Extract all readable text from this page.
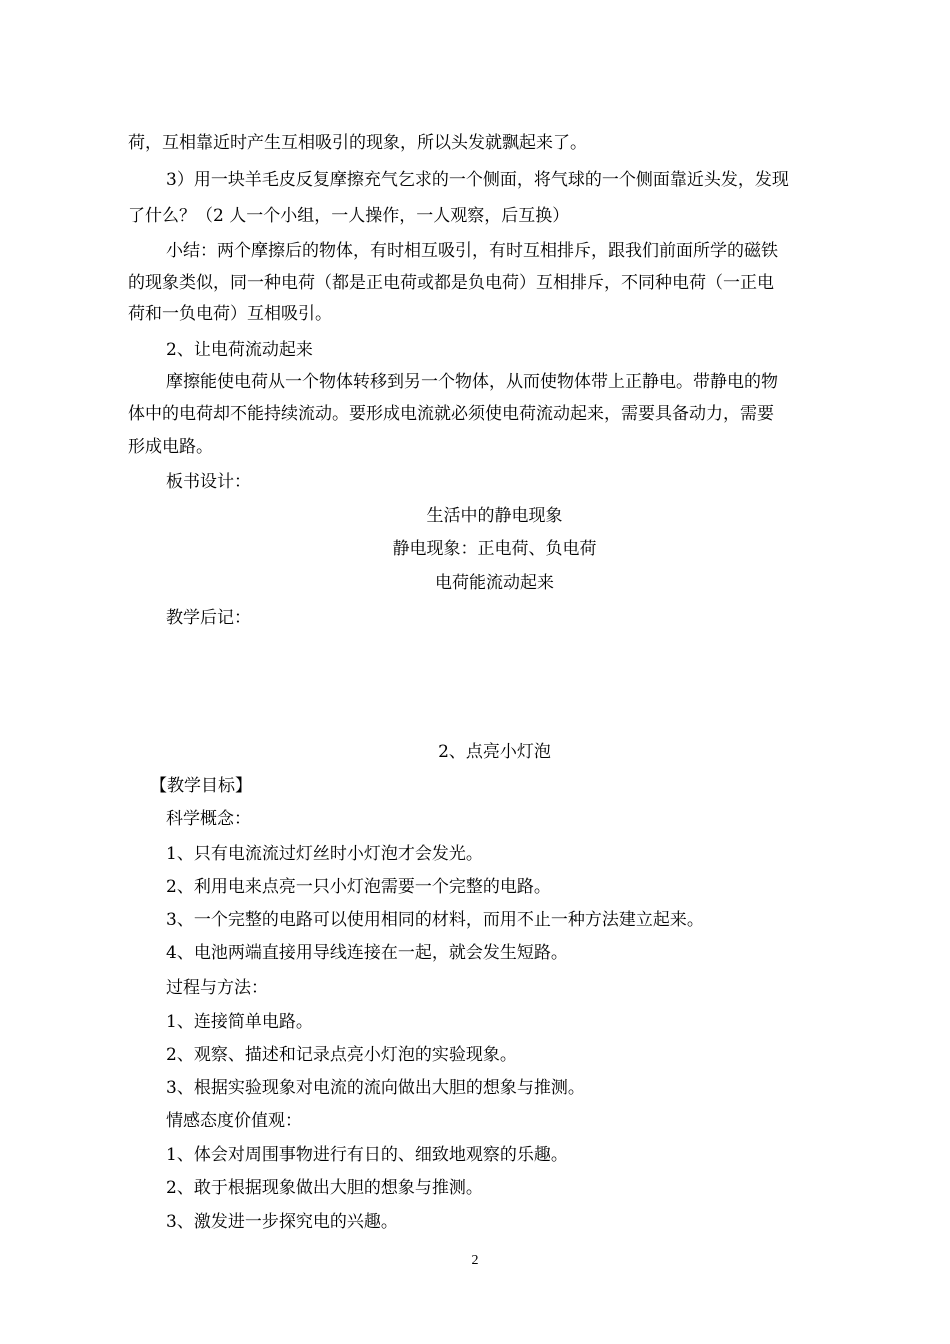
荷，互相靠近时产生互相吸引的现象，所以头发就飘起来了。
3）用一块羊毛皮反复摩擦充气乞求的一个侧面，将气球的一个侧面靠近头发，发现
了什么？（2 人一个小组，一人操作，一人观察，后互换）
小结：两个摩擦后的物体，有时相互吸引，有时互相排斥，跟我们前面所学的磁铁
的现象类似，同一种电荷（都是正电荷或都是负电荷）互相排斥，不同种电荷（一正电
荷和一负电荷）互相吸引。
2、让电荷流动起来
摩擦能使电荷从一个物体转移到另一个物体，从而使物体带上正静电。带静电的物
体中的电荷却不能持续流动。要形成电流就必须使电荷流动起来，需要具备动力，需要
形成电路。
板书设计：
生活中的静电现象
静电现象：正电荷、负电荷
电荷能流动起来
教学后记：
2、点亮小灯泡
【教学目标】
科学概念：
1、只有电流流过灯丝时小灯泡才会发光。
2、利用电来点亮一只小灯泡需要一个完整的电路。
3、一个完整的电路可以使用相同的材料，而用不止一种方法建立起来。
4、电池两端直接用导线连接在一起，就会发生短路。
过程与方法：
1、连接简单电路。
2、观察、描述和记录点亮小灯泡的实验现象。
3、根据实验现象对电流的流向做出大胆的想象与推测。
情感态度价值观：
1、体会对周围事物进行有日的、细致地观察的乐趣。
2、敢于根据现象做出大胆的想象与推测。
3、激发进一步探究电的兴趣。
2
